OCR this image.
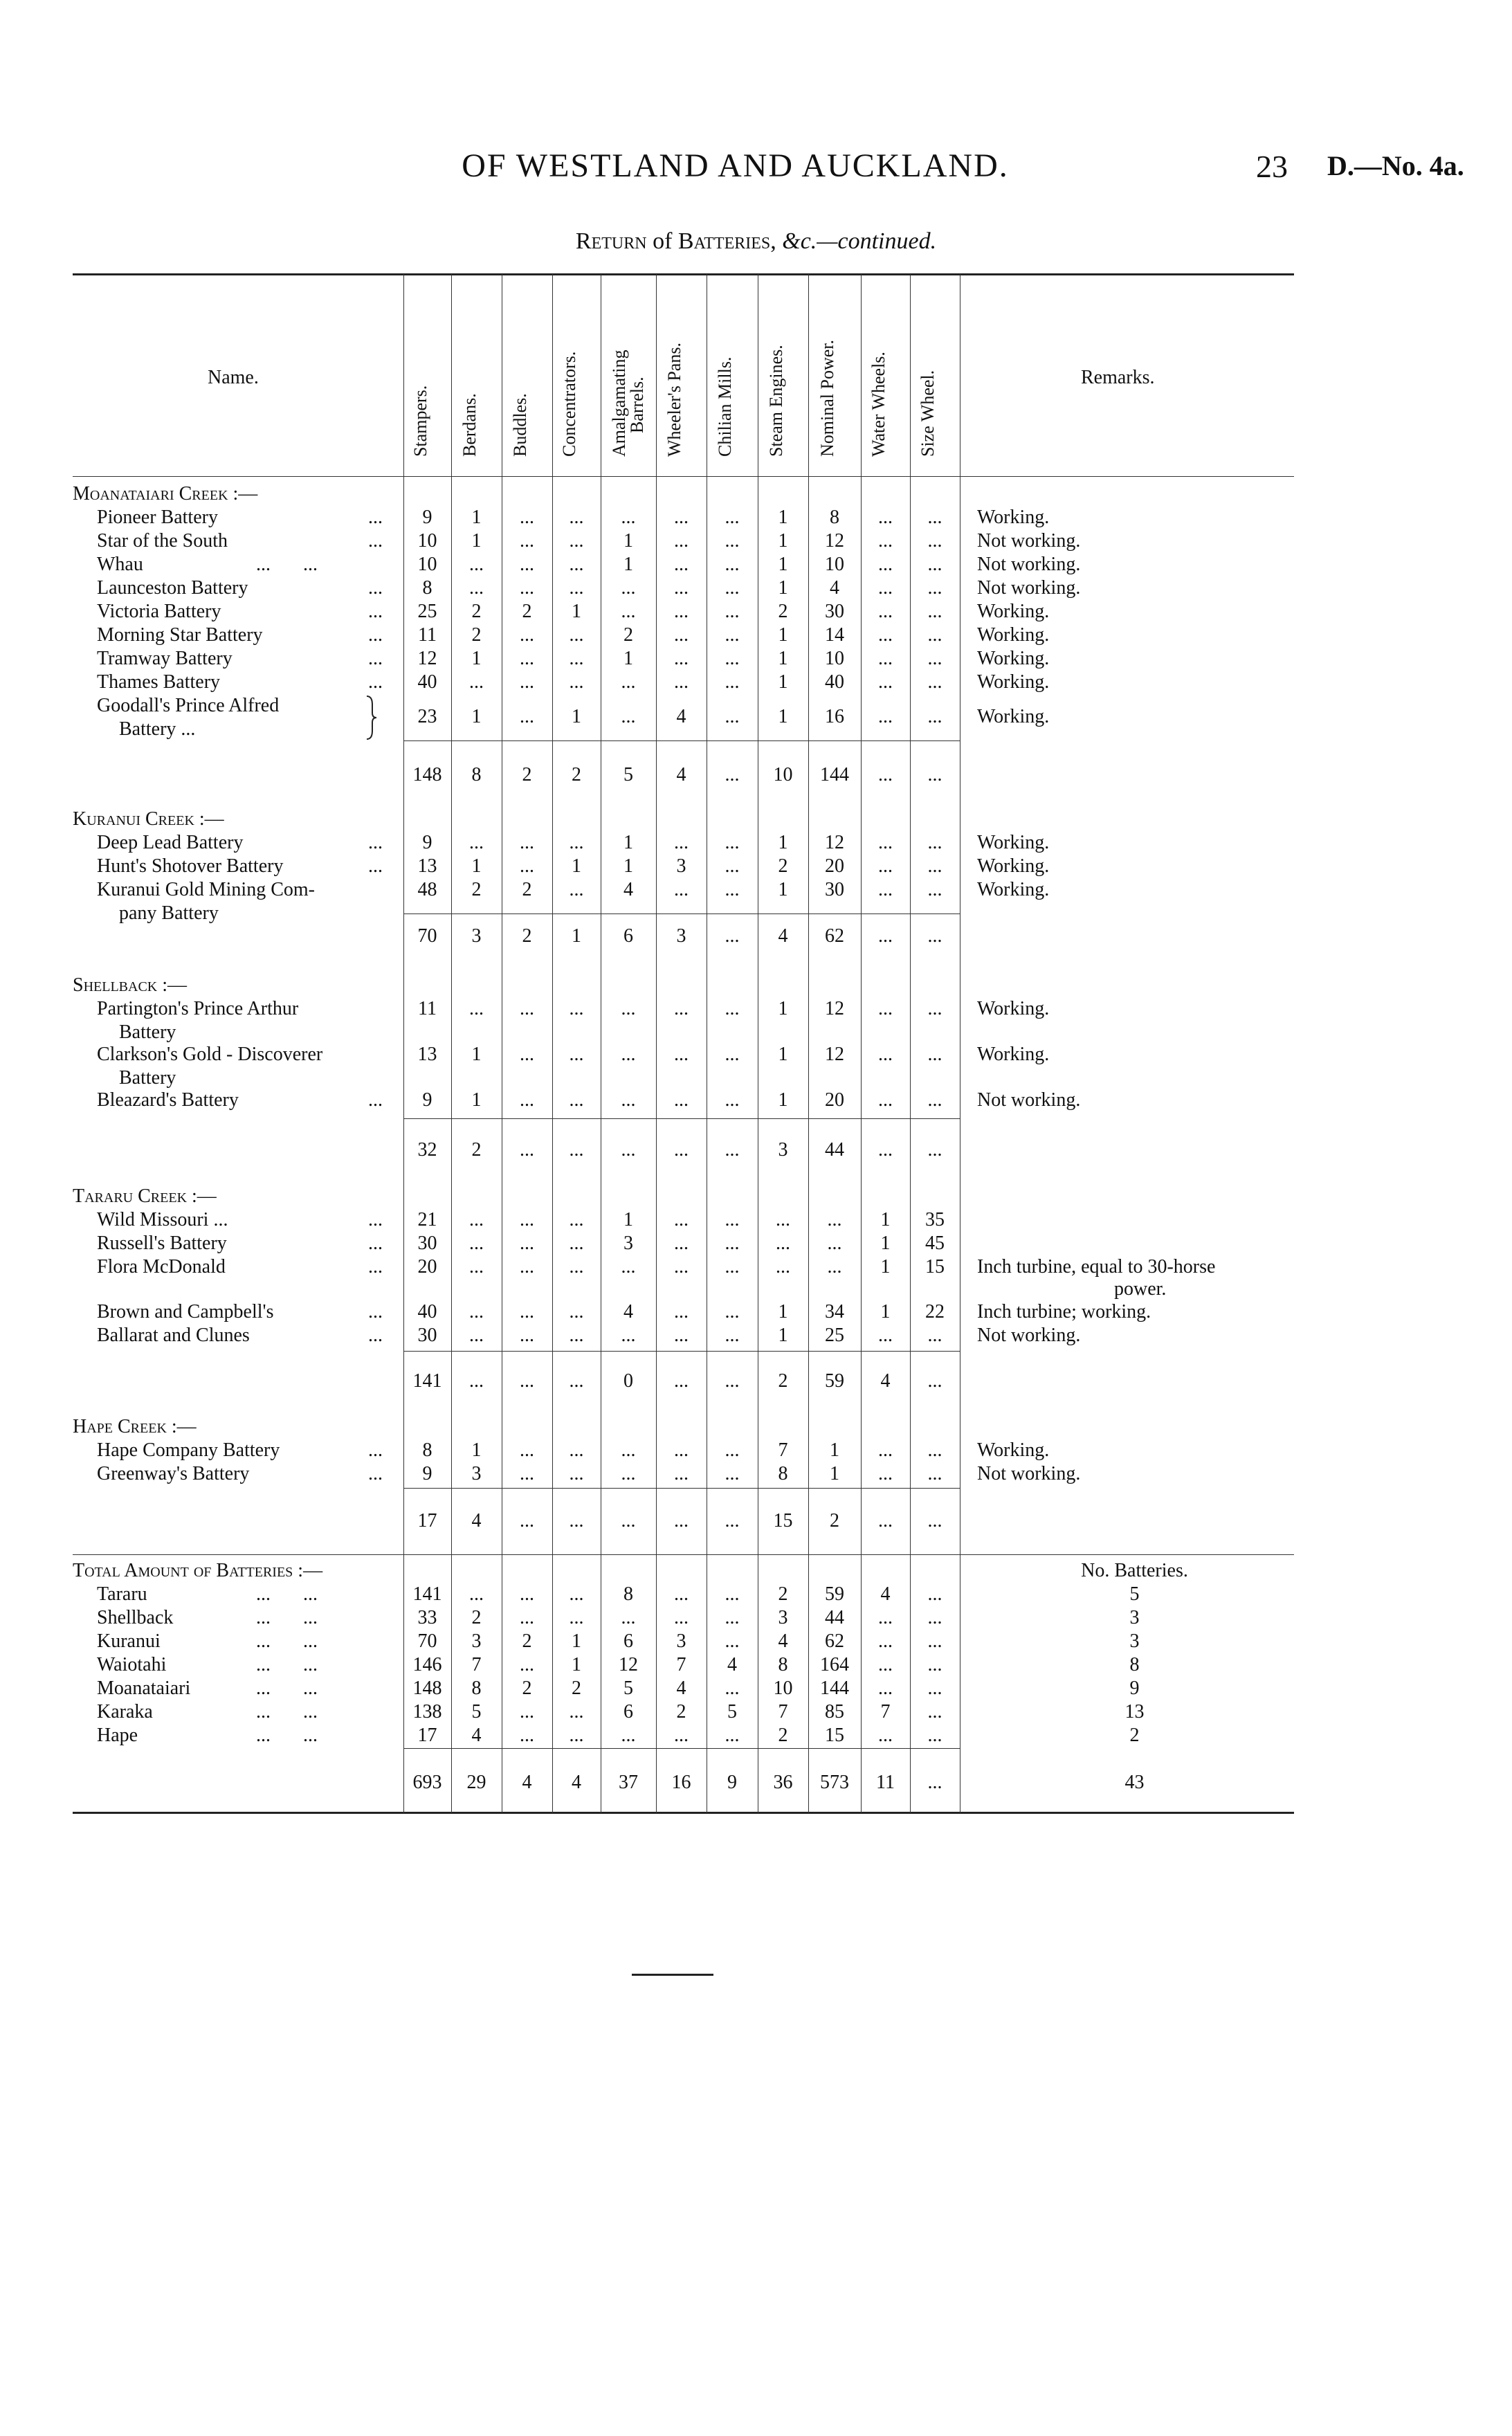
OF WESTLAND AND AUCKLAND.	23 D.—No. 4a.
Return of Batteries, &c.—continued.
Name.	Remarks.
Stampers.	Berdans.	Buddles.	Concentrators.	Amalgamating
Barrels. Wheeler's Pans.	Chilian Mills.	Steam Engines.	Nominal Power.	Water Wheels.	Size Wheel.
Moanataiari Creek :—
Pioneer Battery	...	9	1	...	...	...	...	...	1	8	...	...	Working.
Star of the South	...	10	1	...	...	1	...	...	1	12	...	...	Not working.
Whau	... ...	10	...	...	...	1	...	...	1	10	...	...	Not working.
Launceston Battery	...	8	...	...	...	...	...	...	1	4	...	...	Not working.
Victoria Battery	...	25	2	2	1	...	...	...	2	30	...	...	Working.
Morning Star Battery	...	11	2	...	...	2	...	...	1	14	...	...	Working.
Tramway Battery	...	12	1	...	...	1	...	...	1	10	...	...	Working.
Thames Battery	...	40	...	...	...	...	...	...	1	40	...	...	Working.
Goodall's Prince Alfred
Battery ...
23	1	...	1	...	4	...	1	16	...	...	Working.
148	8	2	2	5	4	...	10	144	...	...
Kuranui Creek :—
Deep Lead Battery	...	9	...	...	...	1	...	...	1	12	...	...	Working.
Hunt's Shotover Battery	...	13	1	...	1	1	3	...	2	20	...	...	Working.
Kuranui Gold Mining Com-
pany Battery
48	2	2	...	4	...	...	1	30	...	...	Working.
70	3	2	1	6	3	...	4	62	...	...
Shellback :—
Partington's Prince Arthur
Battery
11	...	...	...	...	...	...	1	12	...	...	Working.
Clarkson's Gold - Discoverer
Battery
13	1	...	...	...	...	...	1	12	...	...	Working.
Bleazard's Battery	...	9	1	...	...	...	...	...	1	20	...	...	Not working.
32	2	...	...	...	...	...	3	44	...	...
Tararu Creek :—
Wild Missouri ...	...	21	...	...	...	1	...	...	...	...	1	35
Russell's Battery	...	30	...	...	...	3	...	...	...	...	1	45
Flora McDonald	...	20	...	...	...	...	...	...	...	...	1	15	Inch turbine, equal to 30-horse
power.
Brown and Campbell's	...	40	...	...	...	4	...	...	1	34	1	22	Inch turbine; working.
Ballarat and Clunes	...	30	...	...	...	...	...	...	1	25	...	...	Not working.
141	...	...	...	0	...	...	2	59	4	...
Hape Creek :—
Hape Company Battery	...	8	1	...	...	...	...	...	7	1	...	...	Working.
Greenway's Battery	...	9	3	...	...	...	...	...	8	1	...	...	Not working.
17	4	...	...	...	...	...	15	2	...	...
Total Amount of Batteries :—	No. Batteries.
Tararu	... ...	141	...	...	...	8	...	...	2	59	4	...	5
Shellback	... ...	33	2	...	...	...	...	...	3	44	...	...	3
Kuranui	... ...	70	3	2	1	6	3	...	4	62	...	...	3
Waiotahi	... ...	146	7	...	1	12	7	4	8	164	...	...	8
Moanataiari	... ...	148	8	2	2	5	4	...	10	144	...	...	9
Karaka	... ...	138	5	...	...	6	2	5	7	85	7	...	13
Hape	... ...	17	4	...	...	...	...	...	2	15	...	...	2
693	29	4	4	37	16	9	36	573	11	...	43
